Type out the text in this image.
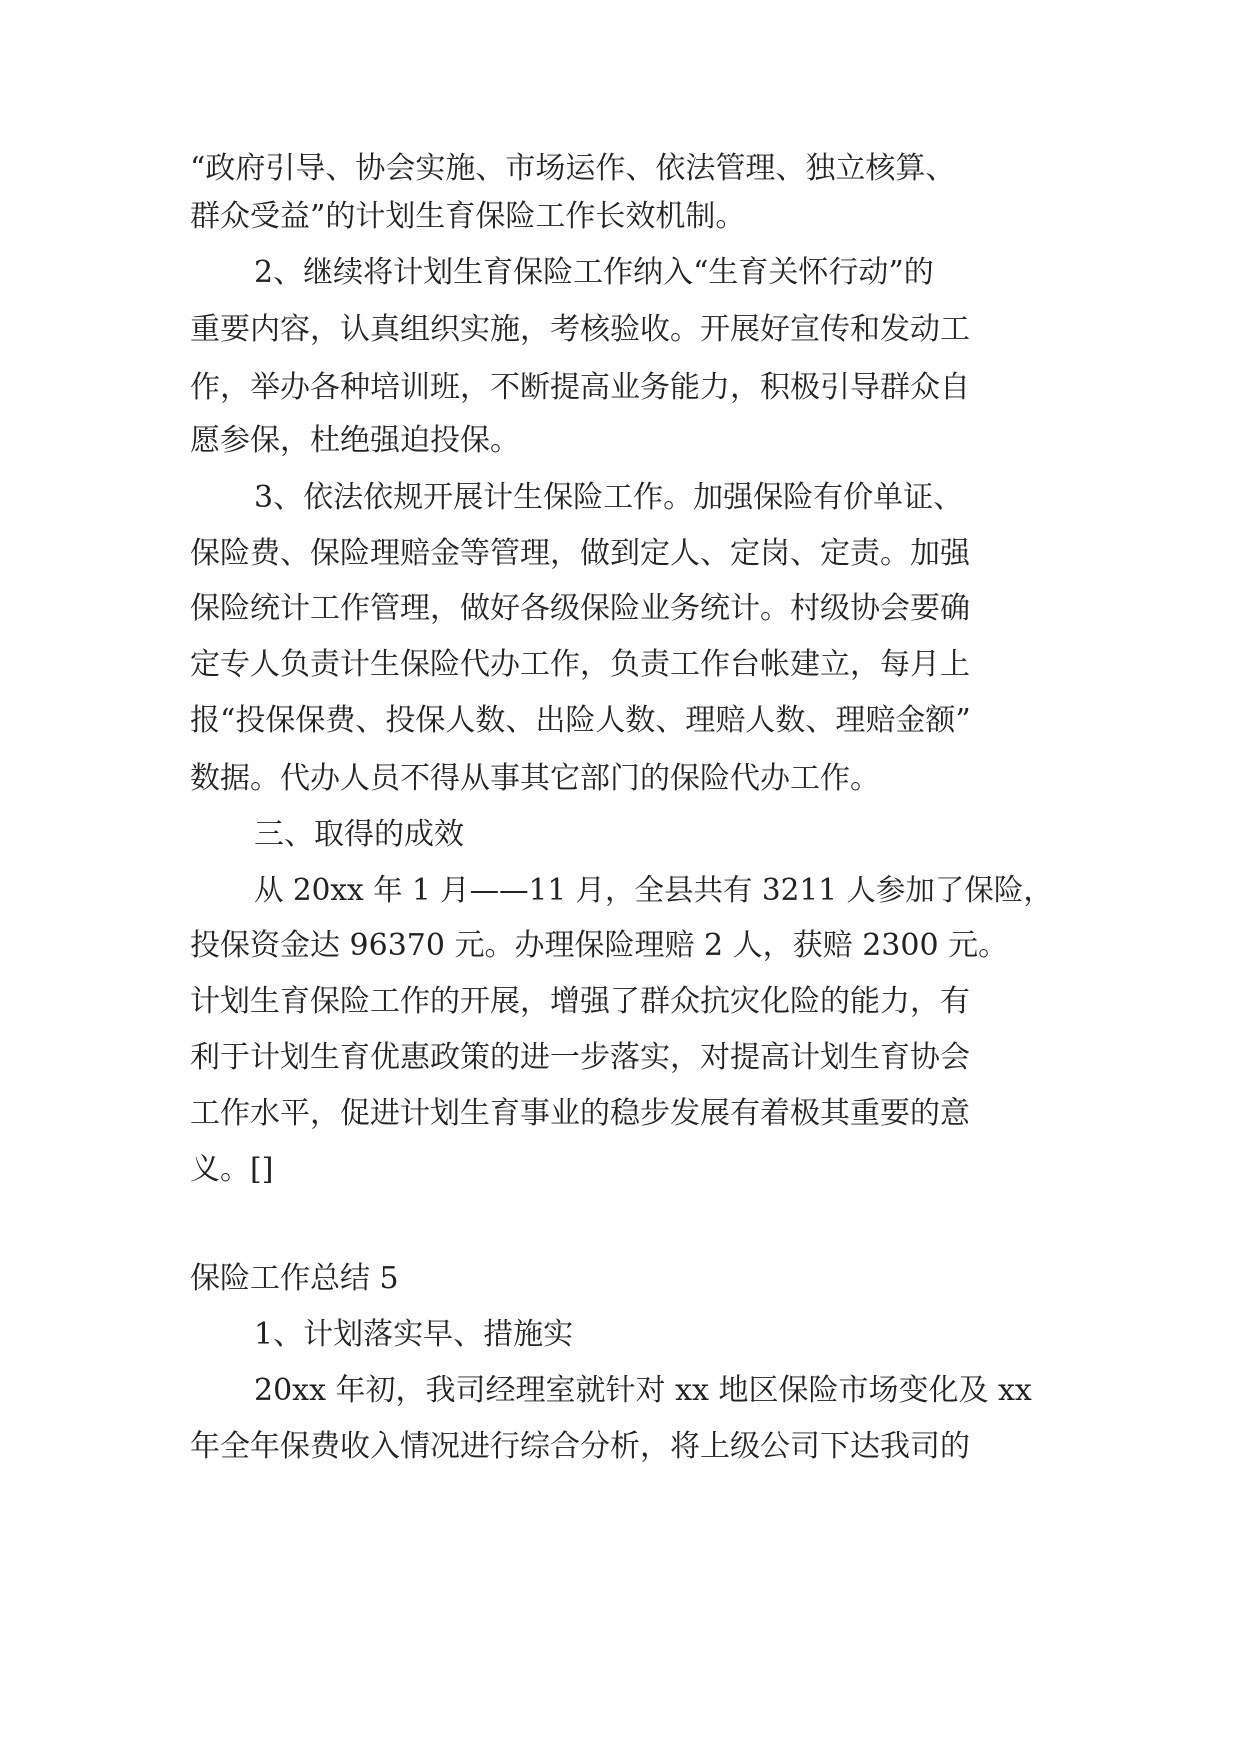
“政府引导、协会实施、市场运作、依法管理、独立核算、
群众受益”的计划生育保险工作长效机制。
2、继续将计划生育保险工作纳入“生育关怀行动”的
重要内容，认真组织实施，考核验收。开展好宣传和发动工
作，举办各种培训班，不断提高业务能力，积极引导群众自
愿参保，杜绝强迫投保。
3、依法依规开展计生保险工作。加强保险有价单证、
保险费、保险理赔金等管理，做到定人、定岗、定责。加强
保险统计工作管理，做好各级保险业务统计。村级协会要确
定专人负责计生保险代办工作，负责工作台帐建立，每月上
报“投保保费、投保人数、出险人数、理赔人数、理赔金额”
数据。代办人员不得从事其它部门的保险代办工作。
三、取得的成效
从 20xx 年 1 月——11 月，全县共有 3211 人参加了保险，
投保资金达 96370 元。办理保险理赔 2 人，获赔 2300 元。
计划生育保险工作的开展，增强了群众抗灾化险的能力，有
利于计划生育优惠政策的进一步落实，对提高计划生育协会
工作水平，促进计划生育事业的稳步发展有着极其重要的意
义。[]
保险工作总结 5
1、计划落实早、措施实
20xx 年初，我司经理室就针对 xx 地区保险市场变化及 xx
年全年保费收入情况进行综合分析，将上级公司下达我司的
